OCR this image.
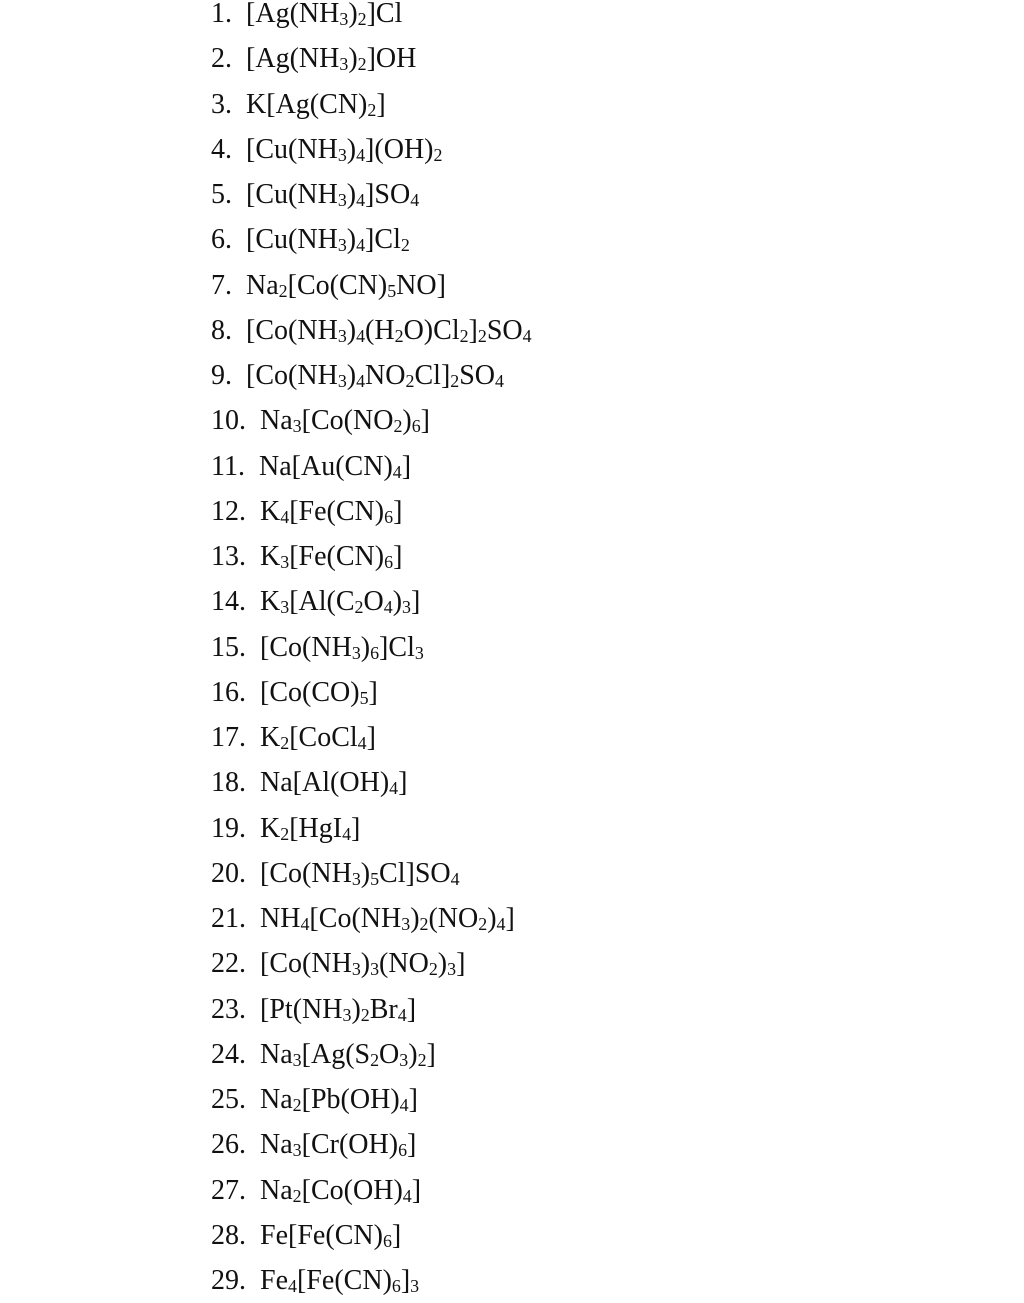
1. $[Ag(NH_3)_2]Cl$
2. $[Ag(NH_3)_2]OH$
3. $K[Ag(CN)_2]$
4. $[Cu(NH_3)_4](OH)_2$
5. $[Cu(NH_3)_4]SO_4$
6. $[Cu(NH_3)_4]Cl_2$
7. $Na_2[Co(CN)_5NO]$
8. $[Co(NH_3)_4(H_2O)Cl_2]_2SO_4$
9. $[Co(NH_3)_4NO_2Cl]_2SO_4$
10. $Na_3[Co(NO_2)_6]$
11. $Na[Au(CN)_4]$
12. $K_4[Fe(CN)_6]$
13. $K_3[Fe(CN)_6]$
14. $K_3[Al(C_2O_4)_3]$
15. $[Co(NH_3)_6]Cl_3$
16. $[Co(CO)_5]$
17. $K_2[CoCl_4]$
18. $Na[Al(OH)_4]$
19. $K_2[HgI_4]$
20. $[Co(NH_3)_5Cl]SO_4$
21. $NH_4[Co(NH_3)_2(NO_2)_4]$
22. $[Co(NH_3)_3(NO_2)_3]$
23. $[Pt(NH_3)_2Br_4]$
24. $Na_3[Ag(S_2O_3)_2]$
25. $Na_2[Pb(OH)_4]$
26. $Na_3[Cr(OH)_6]$
27. $Na_2[Co(OH)_4]$
28. $Fe[Fe(CN)_6]$
29. $Fe_4[Fe(CN)_6]_3$
